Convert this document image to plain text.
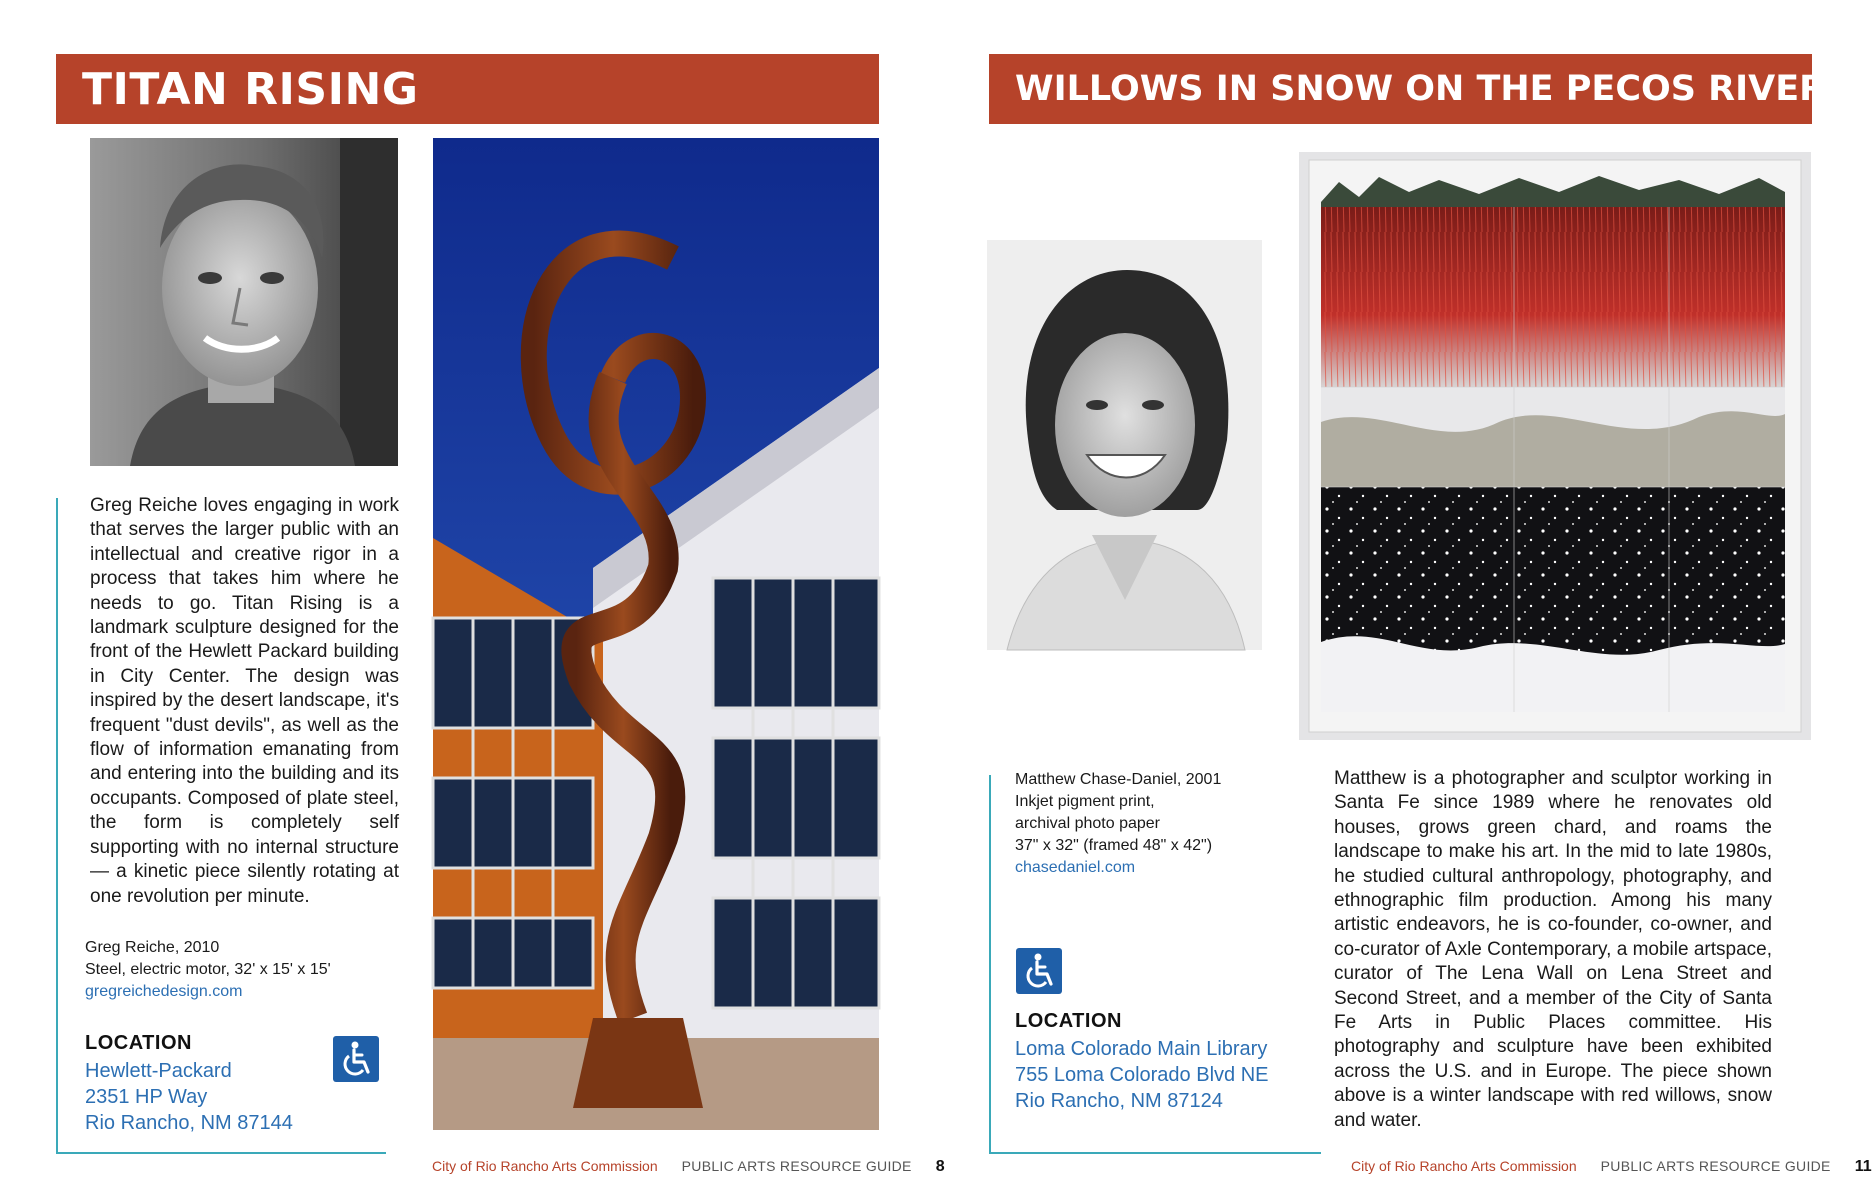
TITAN RISING
Greg Reiche loves engaging in work that serves the larger public with an intellectual and creative rigor in a process that takes him where he needs to go. Titan Rising is a landmark sculpture designed for the front of the Hewlett Packard building in City Center. The design was inspired by the desert landscape, it's frequent "dust devils", as well as the flow of information emanating from and entering into the building and its occupants. Composed of plate steel, the form is completely self supporting with no internal structure — a kinetic piece silently rotating at one revolution per minute.
Greg Reiche, 2010
Steel, electric motor, 32' x 15' x 15'
gregreichedesign.com
LOCATION
Hewlett-Packard
2351 HP Way
Rio Rancho, NM 87144
City of Rio Rancho Arts Commission PUBLIC ARTS RESOURCE GUIDE 8
WILLOWS IN SNOW ON THE PECOS RIVER
Matthew Chase-Daniel, 2001
Inkjet pigment print,
archival photo paper
37" x 32" (framed 48" x 42")
chasedaniel.com
LOCATION
Loma Colorado Main Library
755 Loma Colorado Blvd NE
Rio Rancho, NM 87124
Matthew is a photographer and sculptor working in Santa Fe since 1989 where he renovates old houses, grows green chard, and roams the landscape to make his art. In the mid to late 1980s, he studied cultural anthropology, photography, and ethnographic film production. Among his many artistic endeavors, he is co-founder, co-owner, and co-curator of Axle Contemporary, a mobile artspace, curator of The Lena Wall on Lena Street and Second Street, and a member of the City of Santa Fe Arts in Public Places committee. His photography and sculpture have been exhibited across the U.S. and in Europe. The piece shown above is a winter landscape with red willows, snow and water.
City of Rio Rancho Arts Commission PUBLIC ARTS RESOURCE GUIDE 11
